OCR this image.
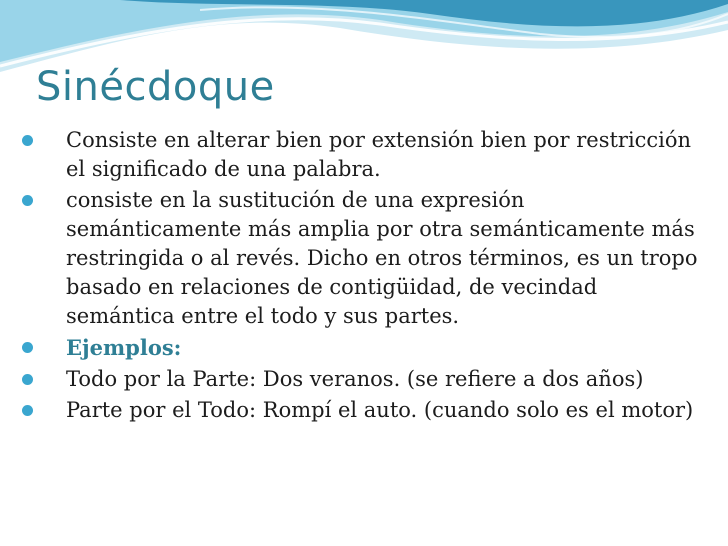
Sinécdoque
Consiste en alterar bien por extensión bien por restricción el significado de una palabra.
consiste en la sustitución de una expresión semánticamente más amplia por otra semánticamente más restringida o al revés. Dicho en otros términos, es un tropo basado en relaciones de contigüidad, de vecindad semántica entre el todo y sus partes.
Ejemplos:
Todo por la Parte: Dos veranos. (se refiere a dos años)
Parte por el Todo: Rompí el auto. (cuando solo es el motor)
